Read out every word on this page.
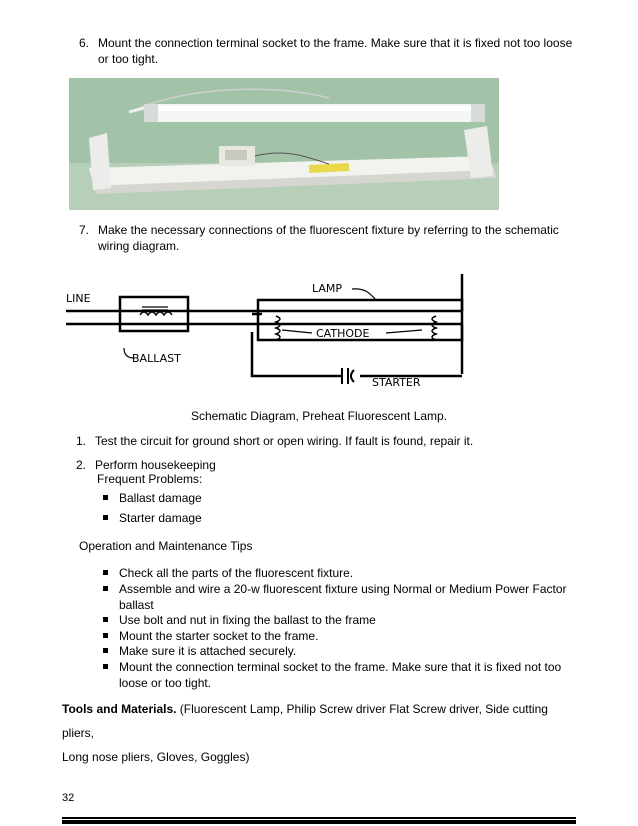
6. Mount the connection terminal socket to the frame. Make sure that it is fixed not too loose
or too tight.
7. Make the necessary connections of the fluorescent fixture by referring to the schematic
wiring diagram.
LINE
LAMP
CATHODE
BALLAST
STARTER
Schematic Diagram, Preheat Fluorescent Lamp.
1. Test the circuit for ground short or open wiring. If fault is found, repair it.
2. Perform housekeeping
Frequent Problems:
Ballast damage
Starter damage
Operation and Maintenance Tips
Check all the parts of the fluorescent fixture.
Assemble and wire a 20-w fluorescent fixture using Normal or Medium Power Factor
ballast
Use bolt and nut in fixing the ballast to the frame
Mount the starter socket to the frame.
Make sure it is attached securely.
Mount the connection terminal socket to the frame. Make sure that it is fixed not too
loose or too tight.
Tools and Materials. (Fluorescent Lamp, Philip Screw driver Flat Screw driver, Side cutting pliers,
Long nose pliers, Gloves, Goggles)
32
